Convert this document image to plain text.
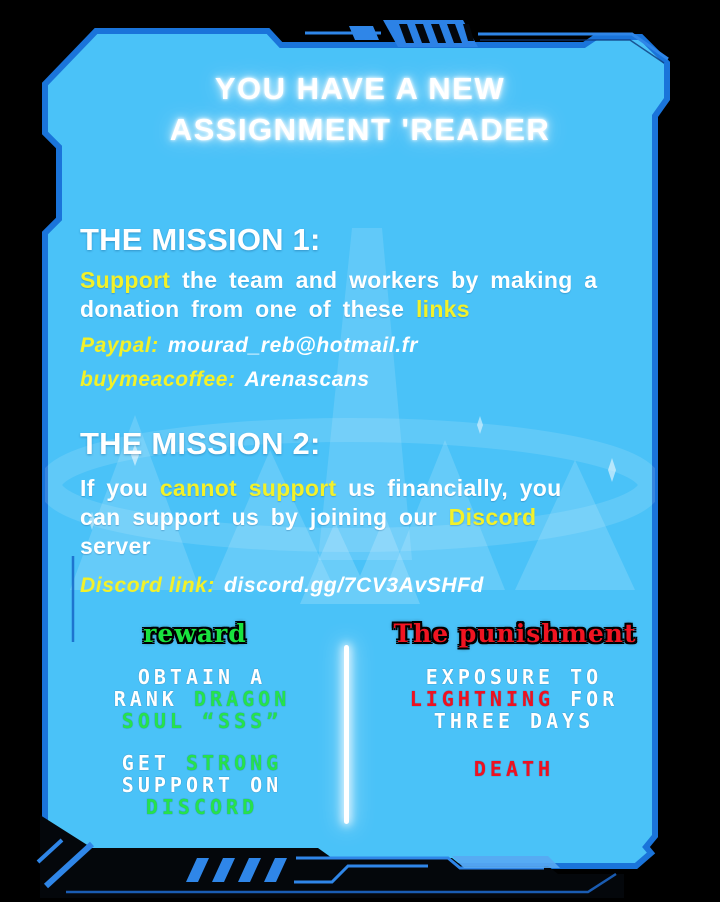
YOU HAVE A NEW
ASSIGNMENT 'READER
THE MISSION 1:
Support the team and workers by making a
donation from one of these links
Paypal: mourad_reb@hotmail.fr
buymeacoffee: Arenascans
THE MISSION 2:
If you cannot support us financially, you
can support us by joining our Discord
server
Discord link: discord.gg/7CV3AvSHFd
reward	The punishment
OBTAIN A
RANK DRAGON
SOUL “SSS”
GET STRONG
SUPPORT ON
DISCORD
EXPOSURE TO
LIGHTNING FOR
THREE DAYS
DEATH
